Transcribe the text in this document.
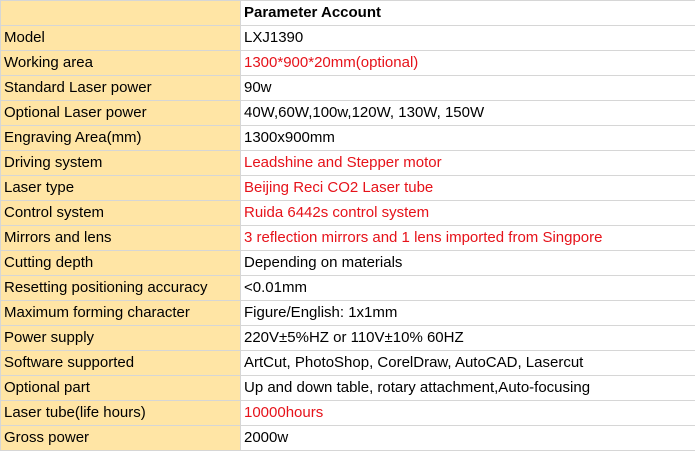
	Parameter Account
Model	LXJ1390
Working area	1300*900*20mm(optional)
Standard Laser power	90w
Optional Laser power	40W,60W,100w,120W, 130W, 150W
Engraving Area(mm)	1300x900mm
Driving system	Leadshine and Stepper motor
Laser type	Beijing Reci CO2 Laser tube
Control system	Ruida 6442s control system
Mirrors and lens	3 reflection mirrors and 1 lens imported from Singpore
Cutting depth	Depending on materials
Resetting positioning accuracy	<0.01mm
Maximum forming character	Figure/English: 1x1mm
Power supply	220V±5%HZ or 110V±10% 60HZ
Software supported	ArtCut, PhotoShop, CorelDraw, AutoCAD, Lasercut
Optional part	Up and down table, rotary attachment,Auto-focusing
Laser tube(life hours)	10000hours
Gross power	2000w
